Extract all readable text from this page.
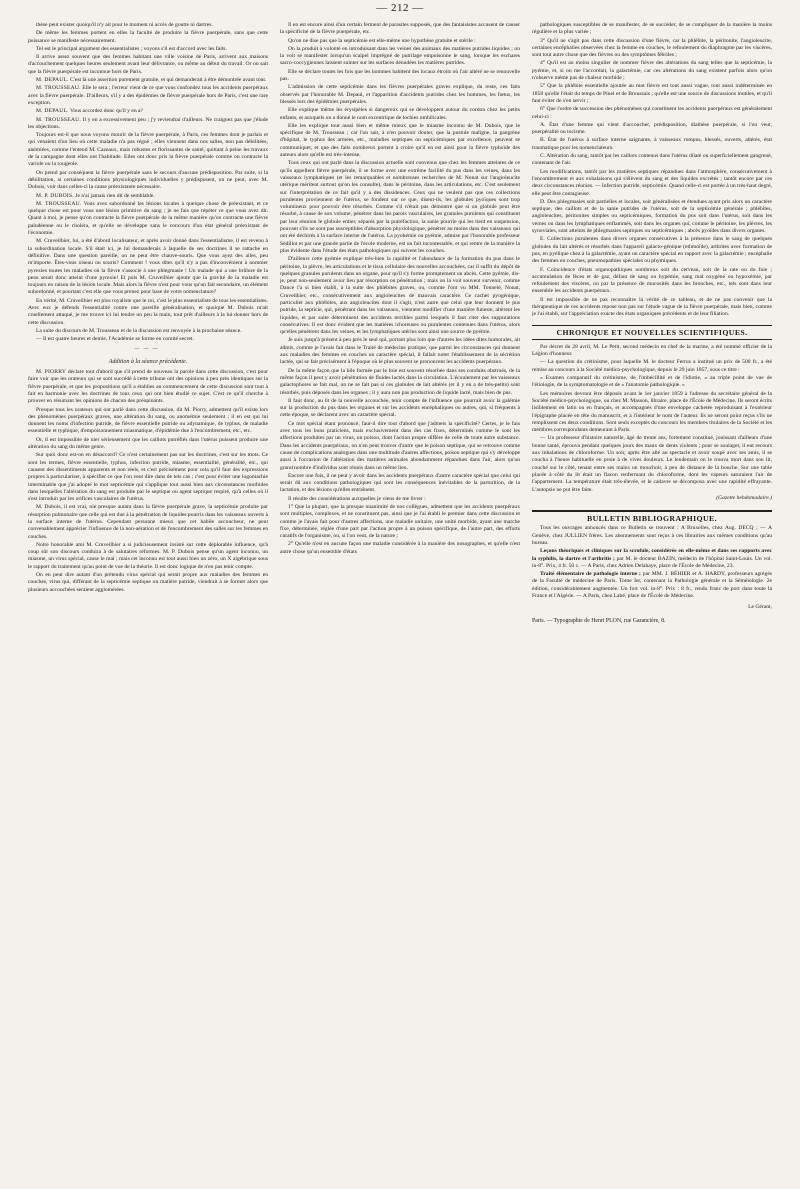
— 212 —

thèse peut exister quoiqu'il n'y ait pour le moment ni accès de goutte ni dartres.

De même les femmes portent en elles la faculté de produire la fièvre puerpérale, sans que cette puissance se manifeste nécessairement.

Tel est le principal argument des essentialistes ; voyons s'il est d'accord avec les faits.

Il arrive assez souvent que des femmes habitant une ville voisine de Paris, arrivent aux maisons d'accouchement quelques heures seulement avant leur délivrance, ou même au début du travail. Or on sait que la fièvre puerpérale est inconnue hors de Paris.

M. DEPAUL. C'est là une assertion purement gratuite, et qui demanderait à être démontrée avant tout.

M. TROUSSEAU. Elle le sera ; l'erreur vient de ce que vous confondez tous les accidents puerpéraux avec la fièvre puerpérale. D'ailleurs, s'il y a des épidémies de fièvre puerpérale hors de Paris, c'est une rare exception.

M. DEPAUL. Vous accordez donc qu'il y en a?

M. TROUSSEAU. Il y en a excessivement peu ; j'y reviendrai d'ailleurs. Ne craignez pas que j'élude les objections.

Toujours est-il que nous voyons mourir de la fièvre puerpérale, à Paris, ces femmes dont je parlais et qui venaient d'un lieu où cette maladie n'a pas régné ; elles viennent dans nos salles, non pas débilitées, anémiées, comme l'entend M. Cazeaux, mais robustes et florissantes de santé, quittant à peine les travaux de la campagne dont elles ont l'habitude. Elles ont donc pris la fièvre puerpérale comme on contracte la variole ou la rougeole.

On prend par conséquent la fièvre puerpérale sans le secours d'aucune prédisposition. Par suite, si la débilitation, si certaines conditions physiologiques individuelles y prédisposent, on ne peut, avec M. Dubois, voir dans celles-ci la cause préexistante nécessaire.

M. P. DUBOIS. Je n'ai jamais rien dit de semblable.

M. TROUSSEAU. Vous avez subordonné les lésions locales à quelque chose de préexistant, et ce quelque chose est pour vous une lésion primitive du sang ; je ne fais que répéter ce que vous avez dit. Quant à moi, je pense qu'on contracte la fièvre puerpérale de la même manière qu'on contracte une fièvre paludéenne ou le choléra, et qu'elle se développe sans le concours d'un état général préexistant de l'économie.

M. Cruveilhier, lui, a été d'abord localisateur, et après avoir donné dans l'essentialisme, il est revenu à la subordination locale. S'il était ici, je lui demanderais à laquelle de ses doctrines il se rattache en définitive. Dans une question pareille, on ne peut être chauve-souris. Que vous ayez des ailes, peu m'importe. Êtes-vous oiseau ou souris? Comment ! vous dites qu'il n'y a pas d'inconvénient à nommer pyrexies toutes les maladies où la fièvre s'associe à une phlegmasie ! Un malade qui a une brûlure de la peau serait donc atteint d'une pyrexie! Et puis M. Cruveilhier ajoute que la gravité de la maladie est toujours en raison de la lésion locale. Mais alors la fièvre n'est pour vous qu'un fait secondaire, un élément subordonné, et pourtant c'est elle que vous prenez pour base de votre nomenclature?

En vérité, M. Cruveilhier est plus royaliste que le roi, c'est le plus essentialiste de tous les essentialistes. Avec eux je défends l'essentialité contre une pareille généralisation, et quoique M. Dubois m'ait cruellement attaqué, je me trouve ici lui tendre un peu la main, tout prêt d'ailleurs à la lui donner hors de cette discussion.

La suite du discours de M. Trousseau et de la discussion est renvoyée à la prochaine séance.

— Il est quatre heures et demie, l'Académie se forme en comité secret.

———
Addition à la séance précédente.

M. PIORRY déclare tout d'abord que s'il prend de nouveau la parole dans cette discussion, c'est pour faire voir que les orateurs qui se sont succédé à cette tribune ont des opinions à peu près identiques sur la fièvre puerpérale, et que les propositions qu'il a établies au commencement de cette discussion sont tout à fait en harmonie avec les doctrines de tous ceux qui ont bien étudié ce sujet. C'est ce qu'il cherche à prouver en résumant les opinions de chacun des préopinants.

Presque tous les orateurs qui ont parlé dans cette discussion, dit M. Piorry, admettent qu'il existe lors des phénomènes puerpéraux graves, une altération du sang, ou anomémie seulement ; il en est qui lui donnent les noms d'infection putride, de fièvre essentielle putride ou adynamique, de typhus, de maladie essentielle et typhique, d'empoisonnement miasmatique, d'épidémie due à l'encombrement, etc., etc.

Or, il est impossible de nier sérieusement que les caillots putréfiés dans l'utérus puissent produire une altération du sang du même genre.

Sur quoi donc est-on en désaccord? Ce n'est certainement pas sur les doctrines, c'est sur les mots. Ce sont les termes, fièvre essentielle, typhus, infection putride, miasme, essentialité, généralité, etc., qui causent des dissentiments apparents et non réels, et c'est précisément pour cela qu'il faut des expressions propres à particulariser, à spécifier ce que l'on veut dire dans de tels cas ; c'est pour éviter une logomachie interminable que j'ai adopté le mot septicémie qui s'applique tout aussi bien aux circonstances morbides dans lesquelles l'altération du sang est produite par le septique ou agent septique respiré, qu'à celles où il s'est introduit par les orifices vasculaires de l'utérus.

M. Dubois, il est vrai, nie presque autant dans la fièvre puerpérale grave, la septicémie produite par résorption pulmonaire que celle qui est due à la pénétration de liquides pourris dans les vaisseaux ouverts à la surface interne de l'utérus. Cependant personne mieux que cet habile accoucheur, ne peut convenablement apprécier l'influence de la non-aération et de l'encombrement des salles sur les femmes en couches.

Notre honorable ami M. Cruveilhier a si judicieusement insisté sur cette déplorable influence, qu'à coup sûr son discours conduira à de salutaires réformes. M. P. Dubois pense qu'un agent inconnu, un miasme, un virus spécial, cause le mal ; mais cet inconnu est tout aussi bien un zéro, un X algébrique sous le rapport du traitement qu'au point de vue de la théorie. Il est donc logique de n'en pas tenir compte.

On en peut dire autant d'un prétendu virus spécial qui serait propre aux maladies des femmes en couches, virus qui, différant de la septicémie septique ou matière putride, viendrait à se former alors que plusieurs accouchées seraient agglomérées.

Il en est encore ainsi d'un certain ferment de parasites supposés, que des fantaisistes accusent de causer la spécificité de la fièvre puerpérale, etc.

Qu'on ne dise pas que la septicémie est elle-même une hypothèse gratuite et stérile :

On la produit à volonté en introduisant dans les veines des animaux des matières putrides liquides ; on la voit se manifester lorsqu'un scalpel imprégné de putrilage empoisonne le sang, lorsque les eschares sacro-coccygiennes laissent suinter sur les surfaces dénudées les matières putrides.

Elle se déclare toutes les fois que les hommes habitent des locaux étroits où l'air altéré ne se renouvelle pas.

L'admission de cette septicémie dans les fièvres puerpérales graves explique, du reste, ces faits observés par l'honorable M. Depaul, et l'apparition d'accidents putrides chez les hommes, les fœtus, les blessés lors des épidémies puerpérales.

Elle explique même les érysipèles si dangereux qui se développent autour du cordon chez les petits enfants, et auxquels on a donné le nom excentrique de lochies ombilicales.

Elle les explique tout aussi bien et même mieux que le miasme inconnu de M. Dubois, que le spécifique de M. Trousseau ; car l'on sait, à n'en pouvoir douter, que la pustule maligne, la gangrène d'hôpital, le typhus des armées, etc., maladies septiques ou septicémiques par excellence, peuvent se communiquer, et que des faits nombreux portent à croire qu'il en est ainsi pour la fièvre typhoïde des auteurs alors qu'elle est très-intense.

Tous ceux qui ont parlé dans la discussion actuelle sont convenus que chez les femmes atteintes de ce qu'ils appellent fièvre puerpérale, il se forme avec une extrême facilité du pus dans les veines, dans les vaisseaux lymphatiques (et les remarquables et nombreuses recherches de M. Nonat sur l'angioleucite utérique méritent surtout qu'on les consulte), dans le péritoine, dans les articulations, etc. C'est seulement sur l'interprétation de ce fait qu'il y a des dissidences. Ceux qui ne veulent pas que ces collections purulentes proviennent de l'utérus, se fondent sur ce que, disent-ils, les globules pyoïques sont trop volumineux pour pouvoir être résorbés. Comme s'il n'était pas démontré que si un globule peut être résorbé, à cause de son volume, pénétrer dans les parois vasculaires, les granules purulents qui constituent par leur réunion le globule entier, séparés par la putréfaction, la sanie pourrie qui les tient en suspension, pouvant s'ils ne sont pas susceptibles d'absorption physiologique, pénétrer au moins dans des vaisseaux qui ont été déchirés à la surface interne de l'utérus. La pyohémie ou pyémie, admise par l'honorable professeur Sédillot et par une grande partie de l'école moderne, est un fait incontestable, et qui rentre de la manière la plus évidente dans l'étude des états pathologiques qui suivent les couches.

D'ailleurs cette pyémie explique très-bien la rapidité et l'abondance de la formation du pus dans le péritoine, la plèvre, les articulations et le tissu cellulaire des nouvelles accouchées, car il suffit du dépôt de quelques granules purulents dans un organe, pour qu'il s'y forme promptement un abcès. Cette pyémie, dis-je, peut non-seulement avoir lieu par résorption ou pénétration ; mais on la voit souvent survenir, comme Dance l'a si bien établi, à la suite des phlébites graves, ou, comme l'ont vu MM. Tonnelé, Nonat, Cruveilhier, etc., consécutivement aux angioleucites de mauvais caractère. Ce cachet pyogénique, particulier aux phlébites, aux angioleucites dont il s'agit, n'est autre que celui que leur donnent le pus putride, la septicie, qui, pénétrant dans les vaisseaux, viennent modifier d'une manière funeste, altèrent les liquides, et par suite déterminent des accidents terribles parmi lesquels il faut citer des suppurations consécutives. Il est donc évident que les matières ichoreuses ou purulentes contenues dans l'utérus, alors qu'elles pénètrent dans les veines, et les lymphatiques utérins sont ainsi une source de pyémie.

Je suis jusqu'à présent à peu près le seul qui, portant plus loin que d'autres les idées dites humorales, ait admis, comme je l'avais fait dans le Traité de médecine pratique, que parmi les circonstances qui donnent aux maladies des femmes en couches un caractère spécial, il fallait noter l'établissement de la sécrétion lactée, qui se fait précisément à l'époque où le plus souvent se prononcent les accidents puerpéraux.

De la même façon que la bile formée par le foie est souvent résorbée dans ses conduits obstrués, de la même façon il peut y avoir pénétration de fluides lactés dans la circulation. L'écoulement par les vaisseaux galactophores se fait mal, on ne se fait pas si ces globules de lait altérés (et il y en a de très-petits) sont résorbés, puis déposés dans les organes ; il y aura non pas production de liquide lacté, mais bien de pus.

Il faut donc, au lit de la nouvelle accouchée, tenir compte de l'influence que pourrait avoir la galémie sur la production du pus dans les organes et sur les accidents encéphaliques ou autres, qui, si fréquents à cette époque, se déclarent avec un caractère spécial.

Ce mot spécial étant prononcé, faut-il dire tout d'abord que j'admets la spécificité? Certes, je le fais avec tous les bons praticiens, mais exclusivement dans des cas fixes, déterminés comme le sont les affections produites par un virus, un poison, dont l'action propre diffère de celle de toute autre substance. Dans les accidents puerpéraux, on n'en peut trouver d'autre que le poison septique, qui se retrouve comme cause de complications analogues dans une multitude d'autres affections, poison septique qui s'y développe aussi à l'occasion de l'altération des matières animales abondamment répandues dans l'air, alors qu'un grand nombre d'individus sont réunis dans un même lieu.

Encore une fois, il ne peut y avoir dans les accidents puerpéraux d'autre caractère spécial que celui qui serait dû aux conditions pathologiques qui sont les conséquences inévitables de la parturition, de la lactation, et des lésions qu'elles entraînent.

Il résulte des considérations auxquelles je viens de me livrer :

1° Que la plupart, que la presque unanimité de nos collègues, admettent que les accidents puerpéraux sont multiples, complexes, et ne constituent pas, ainsi que je l'ai établi le premier dans cette discussion et comme je l'avais fait pour d'autres affections, une maladie unitaire, une unité morbide, ayant une marche fixe, déterminée, réglée d'une part par l'action propre à un poison spécifique, de l'autre part, des efforts curatifs de l'organisme, ou, si l'on veut, de la nature ;

2° Qu'elle n'est en aucune façon une maladie considérée à la manière des nosographes, et qu'elle n'est autre chose qu'un ensemble d'états

pathologiques susceptibles de se manifester, de se succéder, de se compliquer de la manière la moins régulière et la plus variée ;

3° Qu'il ne s'agit pas dans cette discussion d'une fièvre, car la phlébite, la péritonite, l'angioleucite, certaines encéphalies observées chez la femme en couches, le refoulement du diaphragme par les viscères, sont tout autre chose que des fièvres ou des symptômes fébriles ;

4° Qu'il est au moins singulier de nommer fièvre des altérations du sang telles que la septicémie, la pyémie, et, si on me l'accordait, la galactémie, car ces altérations du sang existent parfois alors qu'on n'observe même pas de chaleur morbide ;

5° Que la phlébite essentielle ajoutée au mot fièvre est tout aussi vague, tout aussi indéterminée en 1858 qu'elle l'était du temps de Pinel et de Broussais ; qu'elle est une source de discussions inutiles, et qu'il faut éviter de s'en servir ;

6° Que l'ordre de succession des phénomènes qui constituent les accidents puerpéraux est généralement celui-ci :

A. État d'une femme qui vient d'accoucher, prédisposition, diathèse puerpérale, si l'on veut, puerpéralité ou tocisme.

B. État de l'utérus à surface interne saignante, à vaisseaux rompus, blessés, ouverts, altérés, état traumatique pour les nomenclateurs.

C. Altération du sang, tantôt par les caillots contenus dans l'utérus dilaté ou superficiellement gangrené, contenant de l'air.

Les modifications, tantôt par les matières septiques répandues dans l'atmosphère, consécutivement à l'encombrement et aux exhalaisons qui s'élèvent du sang et des liquides excrétés ; tantôt encore par ces deux circonstances réunies. — Infection putride, septicémie. Quand celle-ci est portée à un très-haut degré, elle peut être contagieuse.

D. Des phlegmasies soit partielles et locales, soit généralisées et étendues ayant pris alors un caractère septique, des caillots et de la sanie putrides de l'utérus, soit de la septicémie générale ; phlébites, angioleucites, péritonites simples ou septicémiques, formation du pus soit dans l'utérus, soit dans les veines ou dans les lymphatiques enflammés, soit dans les organes qui, comme le péritoine, les plèvres, les synoviales, sont atteints de phlegmasies septiques ou septicémiques ; abcès pyoïdes dans divers organes.

E. Collections purulentes dans divers organes consécutives à la présence dans le sang de quelques globules du lait altérés et résorbés dans l'appareil galacto-génique (ethmoïde), arthrites avec formation de pus, en pyélique chez à la galactémie, ayant un caractère spécial en rapport avec la galactémie ; encéphalie des femmes en couches, pneumopathies spéciales ou phymiques.

F. Coïncidence d'états organopathiques nombreux soit du cerveau, soit de la rate ou du foie ; accumulation de fèces et de gaz, défaut de sang ou hypémie, sang mal oxygéné ou hypoxémie, par refoulement des viscères, ou par la présence de mucosités dans les bronches, etc., tels sont dans leur ensemble les accidents puerpéraux.

Il est impossible de ne pas reconnaître la vérité de ce tableau, et de ne pas convenir que la thérapeutique de ces accidents repose non pas sur l'étude vague de la fièvre puerpérale, mais bien, comme je l'ai établi, sur l'appréciation exacte des états organiques précédents et de leur filiation.

CHRONIQUE ET NOUVELLES SCIENTIFIQUES.

Par décret du 28 avril, M. Le Petit, second médecin en chef de la marine, a été nommé officier de la Légion d'honneur.

— La question du crétinisme, pour laquelle M. le docteur Ferrus a institué un prix de 500 fr., a été remise au concours à la Société médico-psychologique, depuis le 29 juin 1857, sous ce titre :

« Examen comparatif du crétinisme, de l'imbécillité et de l'idiotie, » au triple point de vue de l'étiologie, de la symptomatologie et de » l'anatomie pathologique. »

Les mémoires devront être déposés avant le 1er janvier 1859 à l'adresse du secrétaire général de la Société médico-psychologique, ou chez M. Masson, libraire, place de l'École de Médecine. Ils seront écrits lisiblement en latin ou en français, et accompagnés d'une enveloppe cachetée reproduisant à l'extérieur l'épigraphe placée en tête du manuscrit, et à l'intérieur le nom de l'auteur. Ils ne seront point reçus s'ils ne remplissent ces deux conditions. Sont seuls exceptés du concours les membres titulaires de la Société et les membres correspondants demeurant à Paris.

— Un professeur d'histoire naturelle, âgé de trente ans, fortement constitué, jouissant d'ailleurs d'une bonne santé, éprouva pendant quelques jours des maux de dents violents ; pour se soulager, il eut recours aux inhalations de chloroforme. Un soir, après être allé au spectacle et avoir soupé avec ses amis, il se coucha à l'heure habituelle en proie à de vives douleurs. Le lendemain on le trouva mort dans son lit, couché sur le côté, tenant entre ses mains un mouchoir, à peu de distance de la bouche. Sur une table placée à côté du lit était un flacon renfermant du chloroforme, dont les vapeurs saturaient l'air de l'appartement. La température était très-élevée, et le cadavre se décomposa avec une rapidité effrayante. L'autopsie ne put être faite.

(Gazette hebdomadaire.)
BULLETIN BIBLIOGRAPHIQUE.

Tous les ouvrages annoncés dans ce Bulletin se trouvent : A Bruxelles, chez Aug. DECQ ; — A Genève, chez JULLIEN frères. Les abonnements sont reçus à ces librairies aux mêmes conditions qu'au bureau.

Leçons théoriques et cliniques sur la scrofule, considérée en elle-même et dans ses rapports avec la syphilis, la dartre et l'arthritis ; par M. le docteur BAZIN, médecin de l'hôpital Saint-Louis. Un vol. in-8°. Prix, 4 fr. 50 c. — A Paris, chez Adrien Delahaye, place de l'École de Médecine, 23.

Traité élémentaire de pathologie interne ; par MM. J. BÉHIER et A. HARDY, professeurs agrégés de la Faculté de médecine de Paris. Tome Ier, contenant la Pathologie générale et la Séméiologie. 2e édition, considérablement augmentée. Un fort vol. in-8°. Prix : 8 fr., rendu franc de port dans toute la France et l'Algérie. — A Paris, chez Labé, place de l'École de Médecine.

Le Gérant,
Paris. — Typographie de Henri PLON, rue Garancière, 8.
